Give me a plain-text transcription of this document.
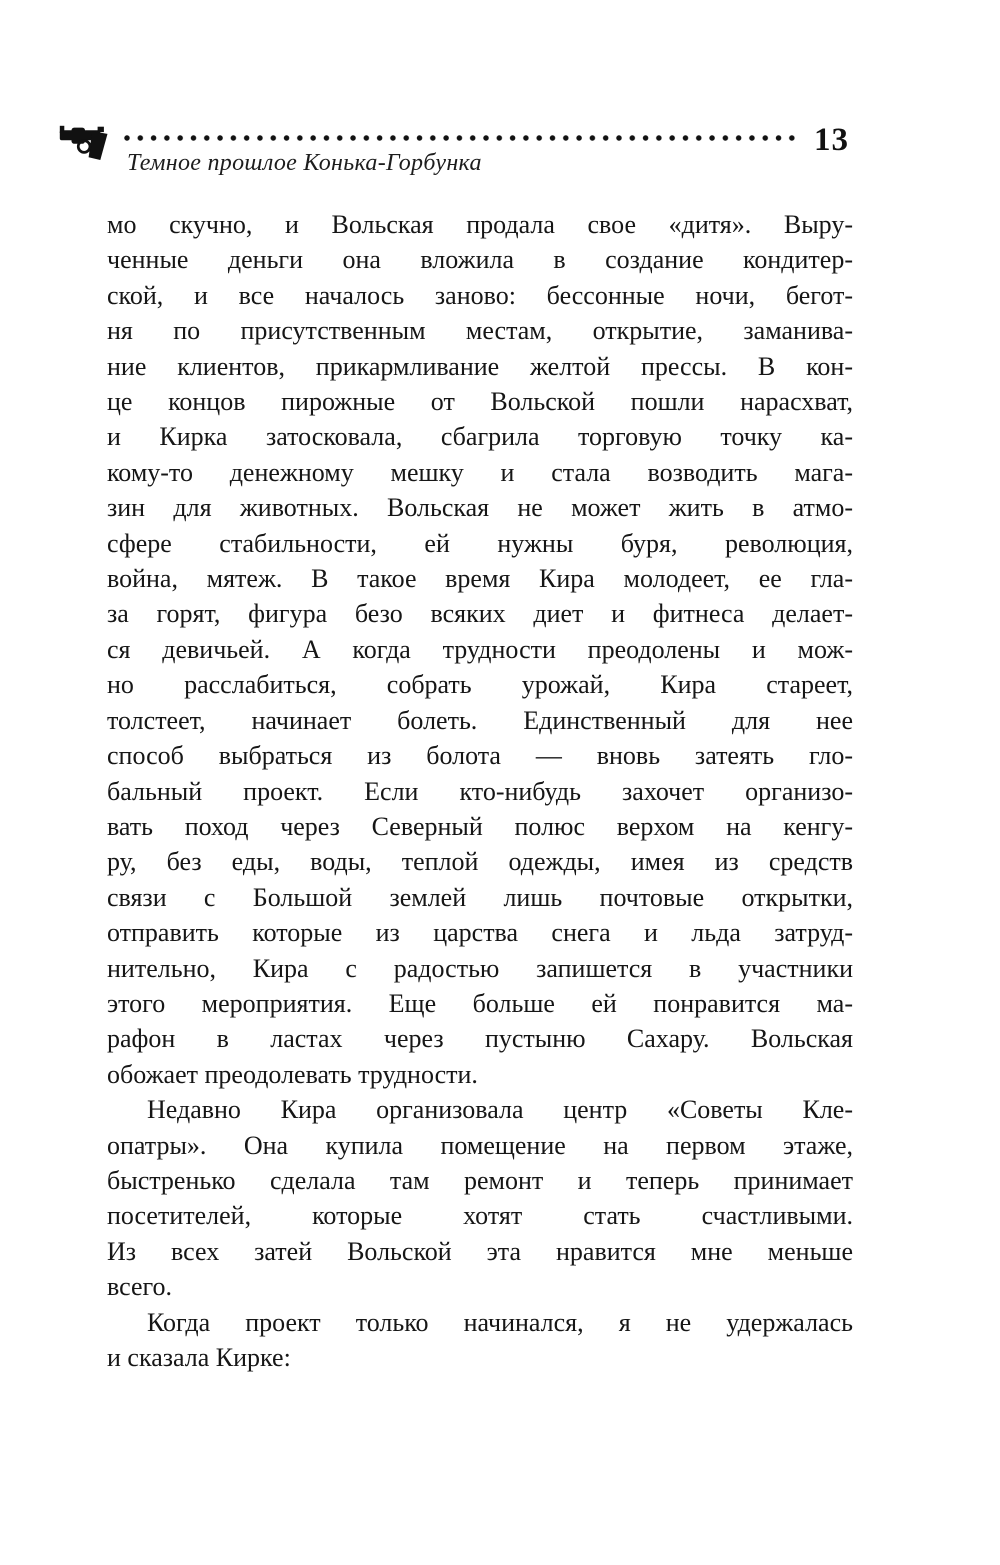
13
Темное прошлое Конька-Горбунка
мо скучно, и Вольская продала свое «дитя». Выру-
ченные деньги она вложила в создание кондитер-
ской, и все началось заново: бессонные ночи, бегот-
ня по присутственным местам, открытие, заманива-
ние клиентов, прикармливание желтой прессы. В кон-
це концов пирожные от Вольской пошли нарасхват,
и Кирка затосковала, сбагрила торговую точку ка-
кому-то денежному мешку и стала возводить мага-
зин для животных. Вольская не может жить в атмо-
сфере стабильности, ей нужны буря, революция,
война, мятеж. В такое время Кира молодеет, ее гла-
за горят, фигура безо всяких диет и фитнеса делает-
ся девичьей. А когда трудности преодолены и мож-
но расслабиться, собрать урожай, Кира стареет,
толстеет, начинает болеть. Единственный для нее
способ выбраться из болота — вновь затеять гло-
бальный проект. Если кто-нибудь захочет организо-
вать поход через Северный полюс верхом на кенгу-
ру, без еды, воды, теплой одежды, имея из средств
связи с Большой землей лишь почтовые открытки,
отправить которые из царства снега и льда затруд-
нительно, Кира с радостью запишется в участники
этого мероприятия. Еще больше ей понравится ма-
рафон в ластах через пустыню Сахару. Вольская
обожает преодолевать трудности.
Недавно Кира организовала центр «Советы Кле-
опатры». Она купила помещение на первом этаже,
быстренько сделала там ремонт и теперь принимает
посетителей, которые хотят стать счастливыми.
Из всех затей Вольской эта нравится мне меньше
всего.
Когда проект только начинался, я не удержалась
и сказала Кирке:
